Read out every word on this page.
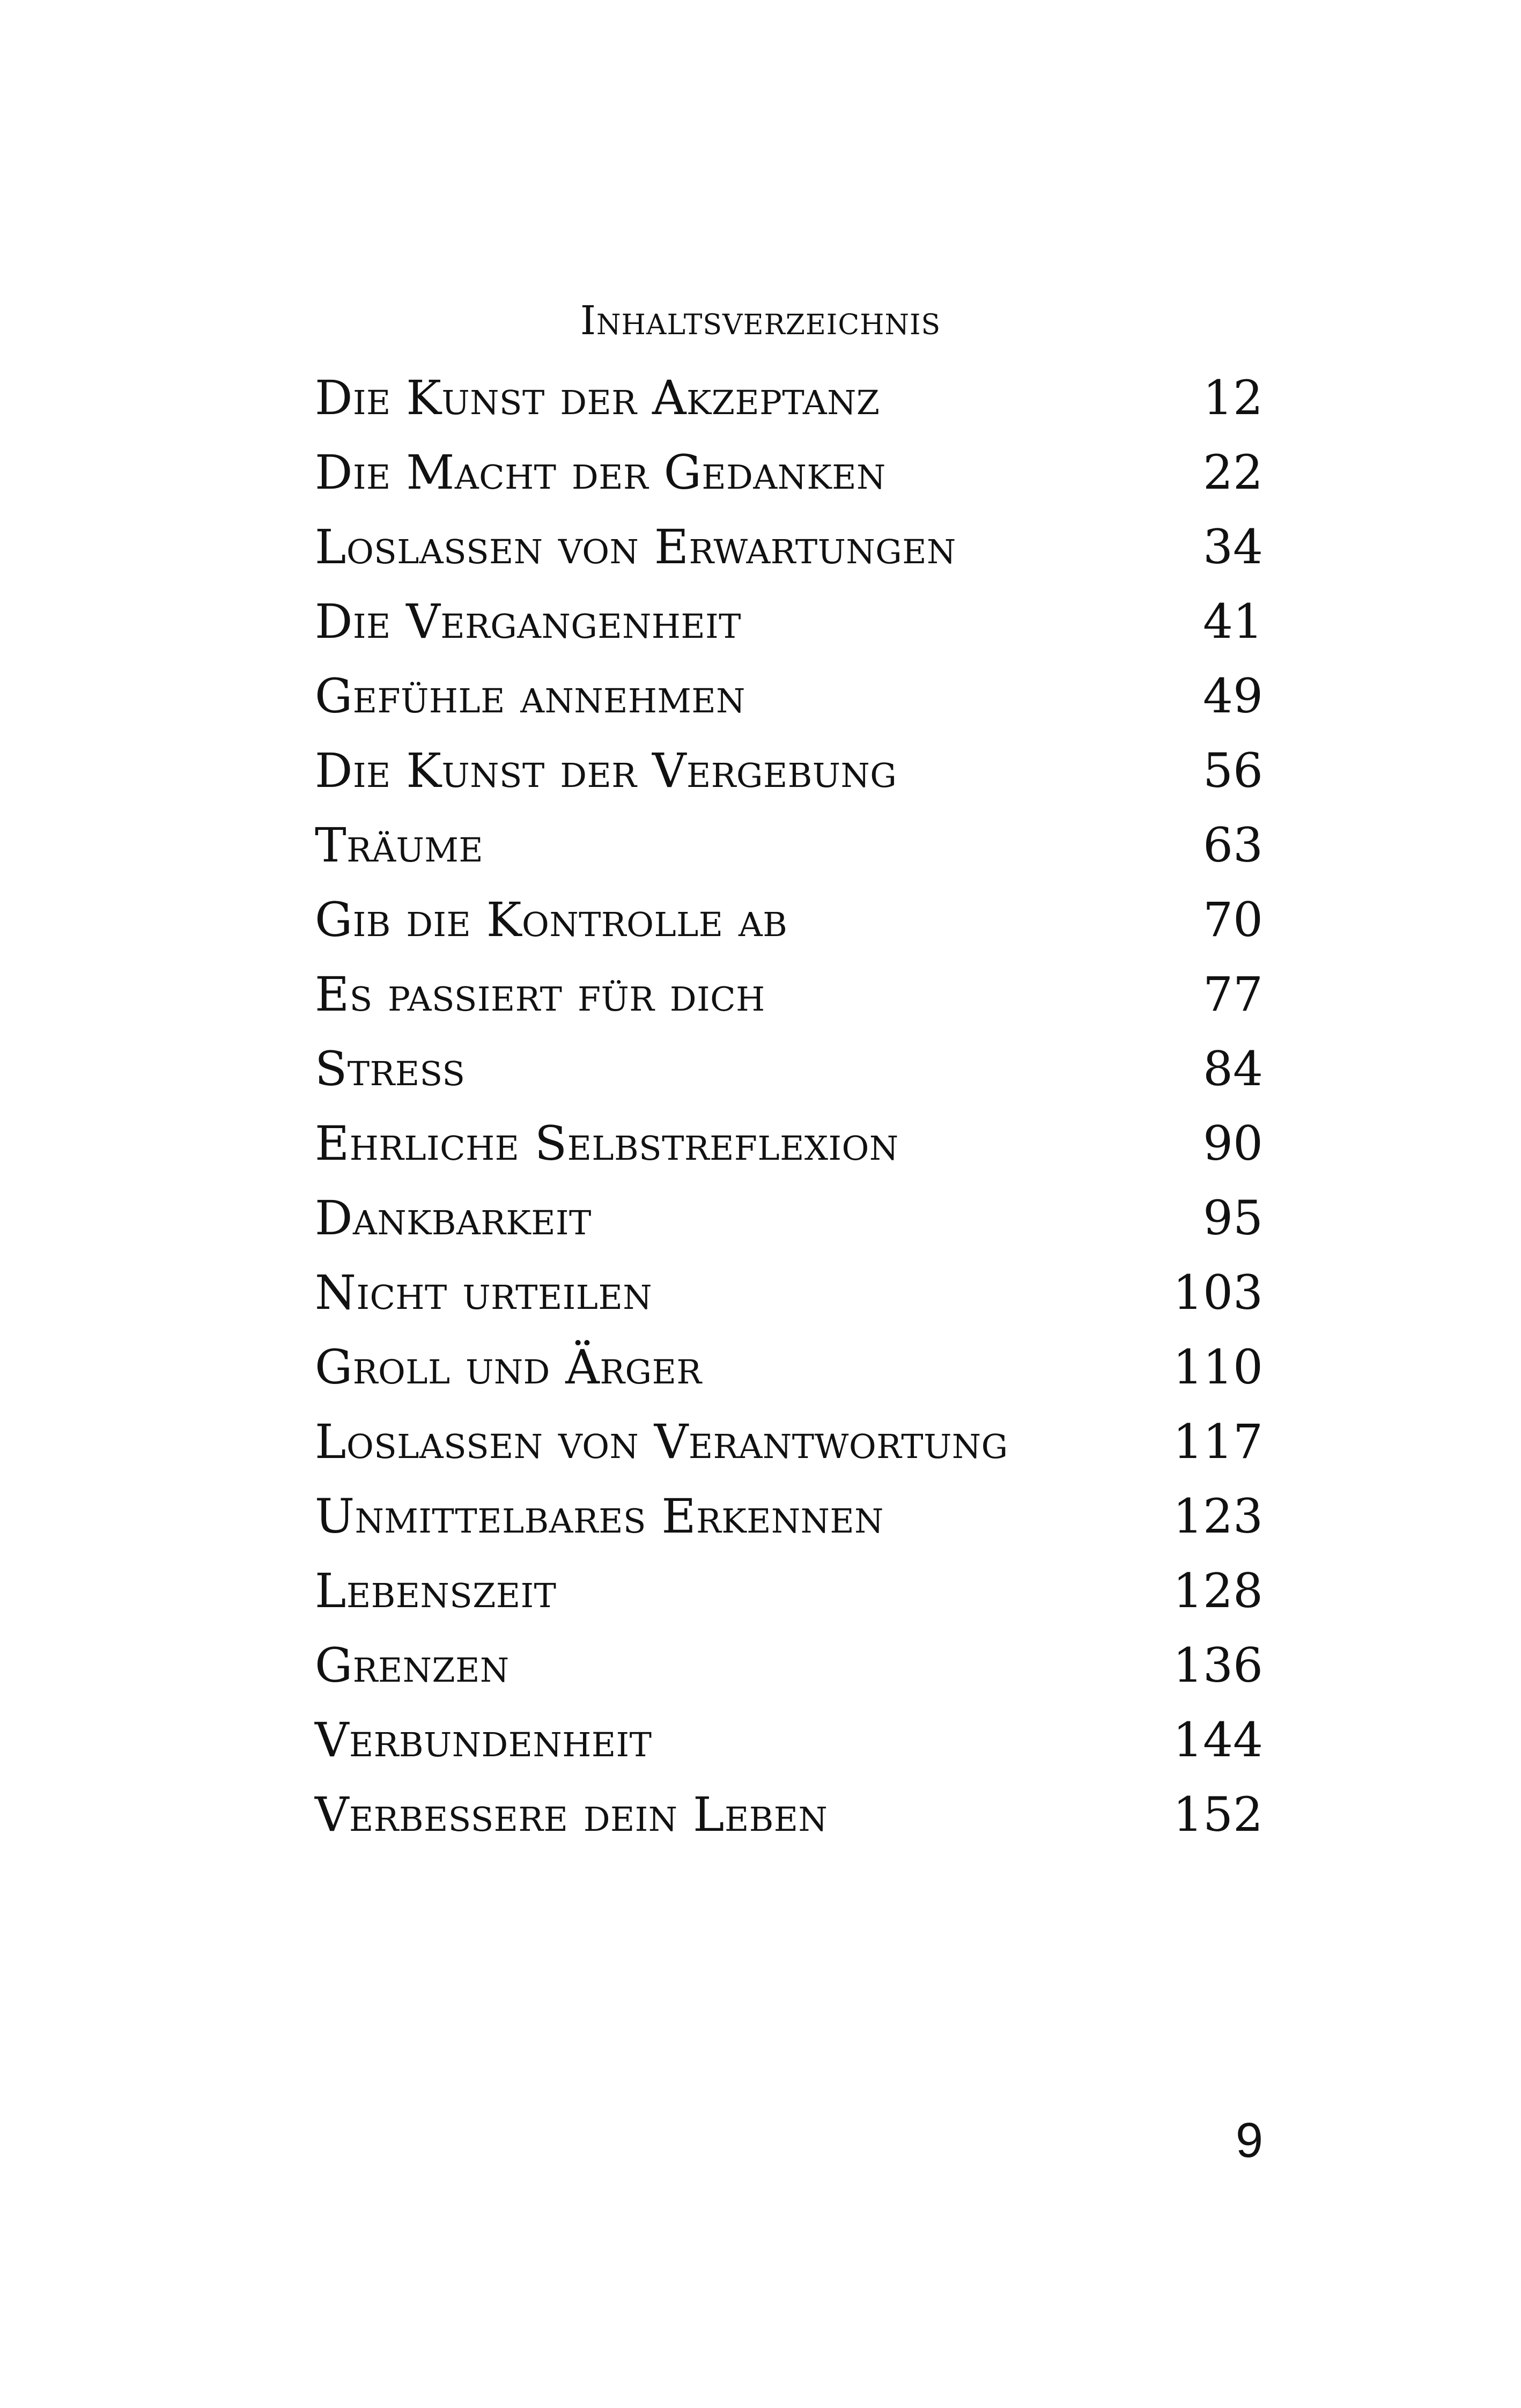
Inhaltsverzeichnis
Die Kunst der Akzeptanz	12
Die Macht der Gedanken	22
Loslassen von Erwartungen	34
Die Vergangenheit	41
Gefühle annehmen	49
Die Kunst der Vergebung	56
Träume	63
Gib die Kontrolle ab	70
Es passiert für dich	77
Stress	84
Ehrliche Selbstreflexion	90
Dankbarkeit	95
Nicht urteilen	103
Groll und Ärger	110
Loslassen von Verantwortung	117
Unmittelbares Erkennen	123
Lebenszeit	128
Grenzen	136
Verbundenheit	144
Verbessere dein Leben	152
9
